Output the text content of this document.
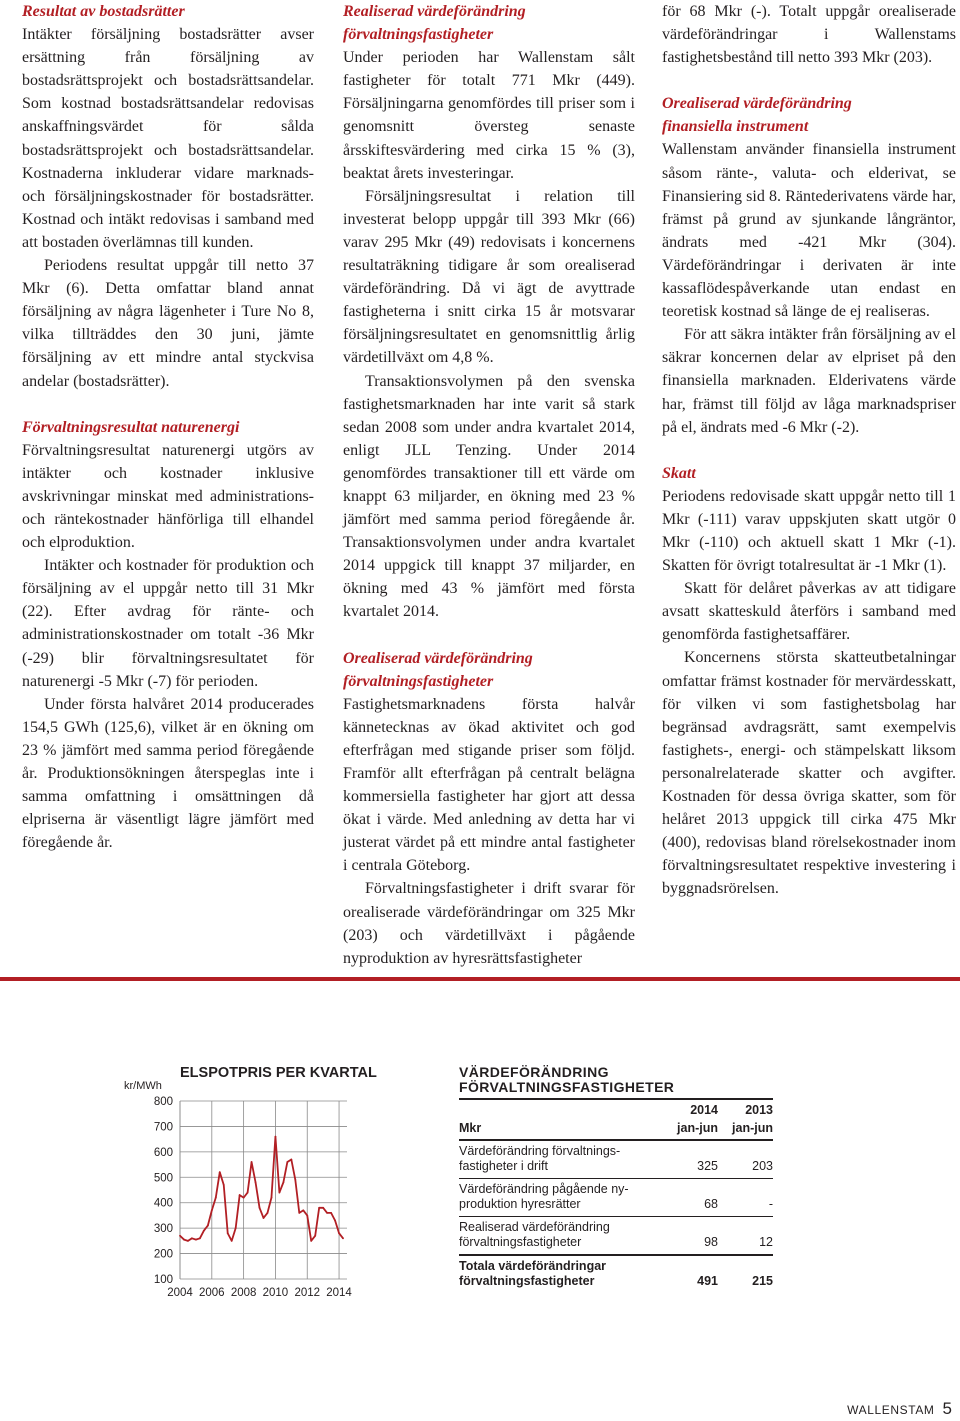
Resultat av bostadsrätter

Intäkter försäljning bostadsrätter avser ersättning från försäljning av bostadsrättsprojekt och bostadsrättsandelar. Som kostnad bostadsrättsandelar redovisas anskaffningsvärdet för sålda bostadsrättsprojekt och bostadsrättsandelar. Kostnaderna inkluderar vidare marknads- och försäljningskostnader för bostadsrätter. Kostnad och intäkt redovisas i samband med att bostaden överlämnas till kunden.

Periodens resultat uppgår till netto 37 Mkr (6). Detta omfattar bland annat försäljning av några lägenheter i Ture No 8, vilka tillträddes den 30 juni, jämte försäljning av ett mindre antal styckvisa andelar (bostadsrätter).

Förvaltningsresultat naturenergi

Förvaltningsresultat naturenergi utgörs av intäkter och kostnader inklusive avskrivningar minskat med administrations- och räntekostnader hänförliga till elhandel och elproduktion.

Intäkter och kostnader för produktion och försäljning av el uppgår netto till 31 Mkr (22). Efter avdrag för ränte- och administrationskostnader om totalt -36 Mkr (-29) blir förvaltningsresultatet för naturenergi -5 Mkr (-7) för perioden.

Under första halvåret 2014 producerades 154,5 GWh (125,6), vilket är en ökning om 23 % jämfört med samma period föregående år. Produktionsökningen återspeglas inte i samma omfattning i omsättningen då elpriserna är väsentligt lägre jämfört med föregående år.

Realiserad värdeförändring
förvaltningsfastigheter

Under perioden har Wallenstam sålt fastigheter för totalt 771 Mkr (449). Försäljningarna genomfördes till priser som i genomsnitt översteg senaste årsskiftesvärdering med cirka 15 % (3), beaktat årets investeringar.

Försäljningsresultat i relation till investerat belopp uppgår till 393 Mkr (66) varav 295 Mkr (49) redovisats i koncernens resultaträkning tidigare år som orealiserad värdeförändring. Då vi ägt de avyttrade fastigheterna i snitt cirka 15 år motsvarar försäljningsresultatet en genomsnittlig årlig värdetillväxt om 4,8 %.

Transaktionsvolymen på den svenska fastighetsmarknaden har inte varit så stark sedan 2008 som under andra kvartalet 2014, enligt JLL Tenzing. Under 2014 genomfördes transaktioner till ett värde om knappt 63 miljarder, en ökning med 23 % jämfört med samma period föregående år. Transaktionsvolymen under andra kvartalet 2014 uppgick till knappt 37 miljarder, en ökning med 43 % jämfört med första kvartalet 2014.

Orealiserad värdeförändring
förvaltningsfastigheter

Fastighetsmarknadens första halvår kännetecknas av ökad aktivitet och god efterfrågan med stigande priser som följd. Framför allt efterfrågan på centralt belägna kommersiella fastigheter har gjort att dessa ökat i värde. Med anledning av detta har vi justerat värdet på ett mindre antal fastigheter i centrala Göteborg.

Förvaltningsfastigheter i drift svarar för orealiserade värdeförändringar om 325 Mkr (203) och värdetillväxt i pågående nyproduktion av hyresrättsfastigheter

för 68 Mkr (-). Totalt uppgår orealiserade värdeförändringar i Wallenstams fastighetsbestånd till netto 393 Mkr (203).

Orealiserad värdeförändring
finansiella instrument

Wallenstam använder finansiella instrument såsom ränte-, valuta- och elderivat, se Finansiering sid 8. Räntederivatens värde har, främst på grund av sjunkande långräntor, ändrats med -421 Mkr (304). Värdeförändringar i derivaten är inte kassaflödespåverkande utan endast en teoretisk kostnad så länge de ej realiseras.

För att säkra intäkter från försäljning av el säkrar koncernen delar av elpriset på den finansiella marknaden. Elderivatens värde har, främst till följd av låga marknadspriser på el, ändrats med -6 Mkr (-2).

Skatt

Periodens redovisade skatt uppgår netto till 1 Mkr (-111) varav uppskjuten skatt utgör 0 Mkr (-110) och aktuell skatt 1 Mkr (-1). Skatten för övrigt totalresultat är -1 Mkr (1).

Skatt för delåret påverkas av att tidigare avsatt skatteskuld återförs i samband med genomförda fastighetsaffärer.

Koncernens största skatteutbetalningar omfattar främst kostnader för mervärdesskatt, för vilken vi som fastighetsbolag har begränsad avdragsrätt, samt exempelvis fastighets-, energi- och stämpelskatt liksom personalrelaterade skatter och avgifter. Kostnaden för dessa övriga skatter, som för helåret 2013 uppgick till cirka 475 Mkr (400), redovisas bland rörelsekostnader inom förvaltningsresultatet respektive investering i byggnadsrörelsen.

ELSPOTPRIS PER KVARTAL
kr/MWh
800
700
600
500
400
300
200
100
2004 2006 2008 2010 2012 2014
VÄRDEFÖRÄNDRING FÖRVALTNINGSFASTIGHETER
2014	2013
Mkr	jan-jun	jan-jun
Värdeförändring förvaltnings-
fastigheter i drift	325	203
Värdeförändring pågående ny-
produktion hyresrätter	68	-
Realiserad värdeförändring
förvaltningsfastigheter	98	12
Totala värdeförändringar
förvaltningsfastigheter	491	215
WALLENSTAM 5
